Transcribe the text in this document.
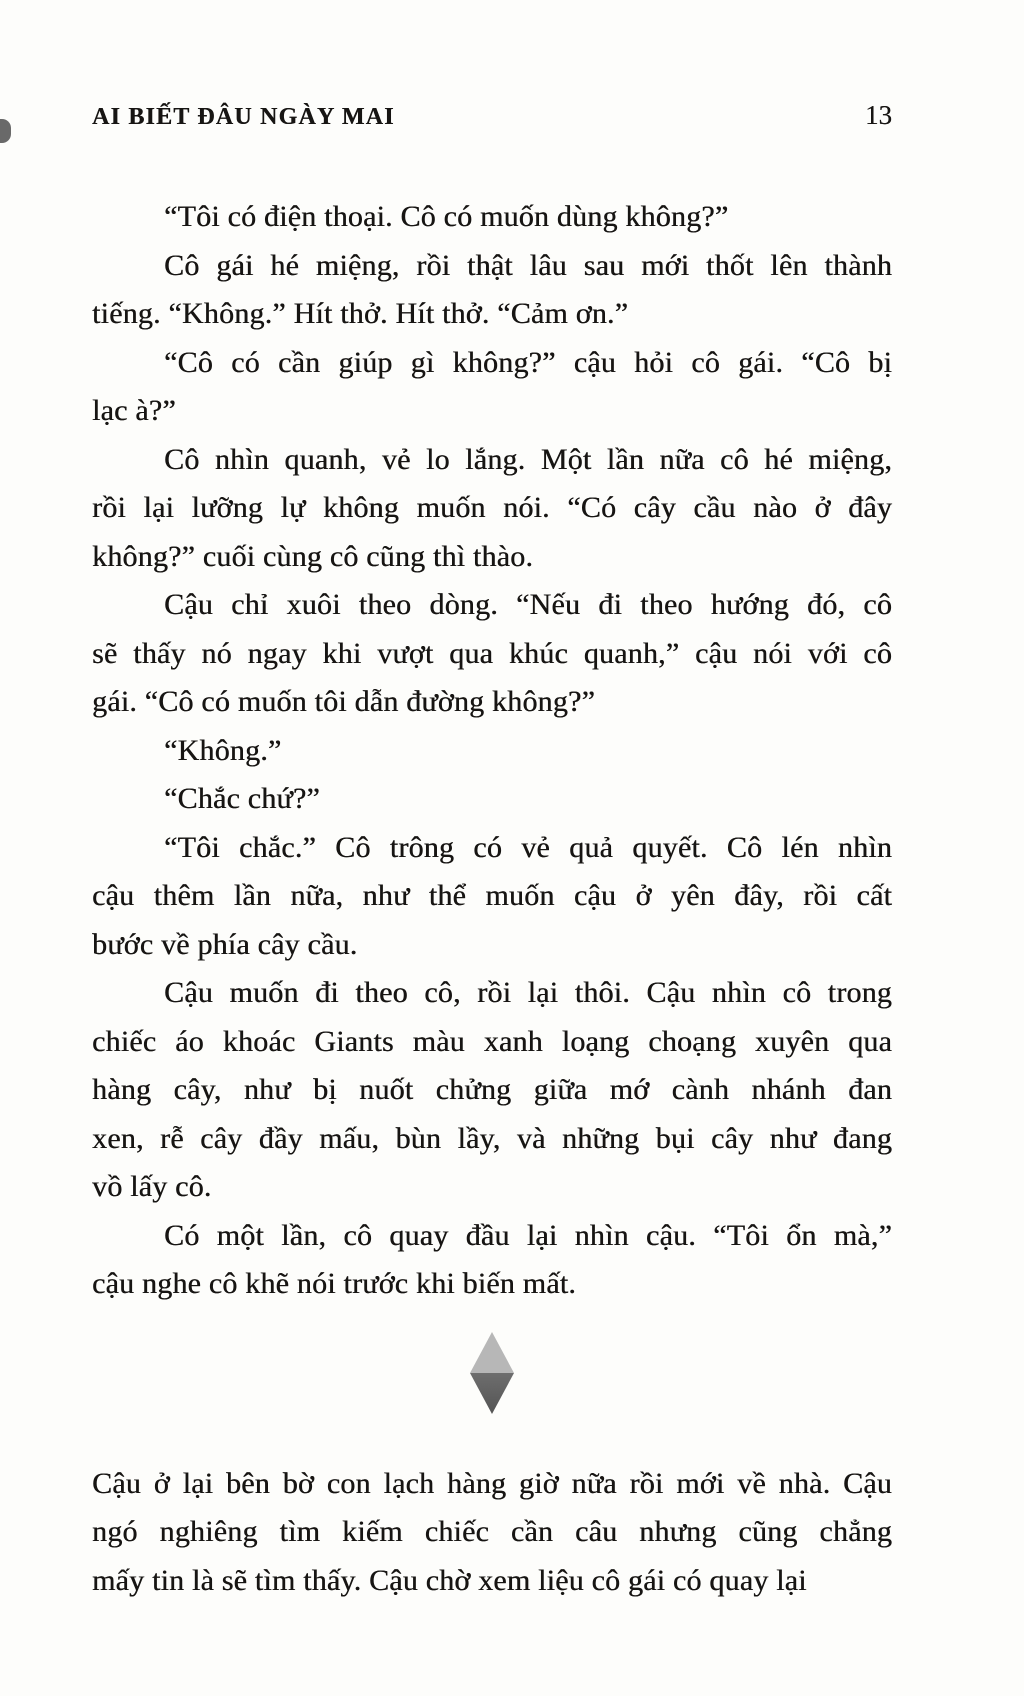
AI BIẾT ĐÂU NGÀY MAI	13
“Tôi có điện thoại. Cô có muốn dùng không?”
Cô gái hé miệng, rồi thật lâu sau mới thốt lên thành
tiếng. “Không.” Hít thở. Hít thở. “Cảm ơn.”
“Cô có cần giúp gì không?” cậu hỏi cô gái. “Cô bị
lạc à?”
Cô nhìn quanh, vẻ lo lắng. Một lần nữa cô hé miệng,
rồi lại lưỡng lự không muốn nói. “Có cây cầu nào ở đây
không?” cuối cùng cô cũng thì thào.
Cậu chỉ xuôi theo dòng. “Nếu đi theo hướng đó, cô
sẽ thấy nó ngay khi vượt qua khúc quanh,” cậu nói với cô
gái. “Cô có muốn tôi dẫn đường không?”
“Không.”
“Chắc chứ?”
“Tôi chắc.” Cô trông có vẻ quả quyết. Cô lén nhìn
cậu thêm lần nữa, như thể muốn cậu ở yên đây, rồi cất
bước về phía cây cầu.
Cậu muốn đi theo cô, rồi lại thôi. Cậu nhìn cô trong
chiếc áo khoác Giants màu xanh loạng choạng xuyên qua
hàng cây, như bị nuốt chửng giữa mớ cành nhánh đan
xen, rễ cây đầy mấu, bùn lầy, và những bụi cây như đang
vồ lấy cô.
Có một lần, cô quay đầu lại nhìn cậu. “Tôi ổn mà,”
cậu nghe cô khẽ nói trước khi biến mất.
Cậu ở lại bên bờ con lạch hàng giờ nữa rồi mới về nhà. Cậu
ngó nghiêng tìm kiếm chiếc cần câu nhưng cũng chẳng
mấy tin là sẽ tìm thấy. Cậu chờ xem liệu cô gái có quay lại
